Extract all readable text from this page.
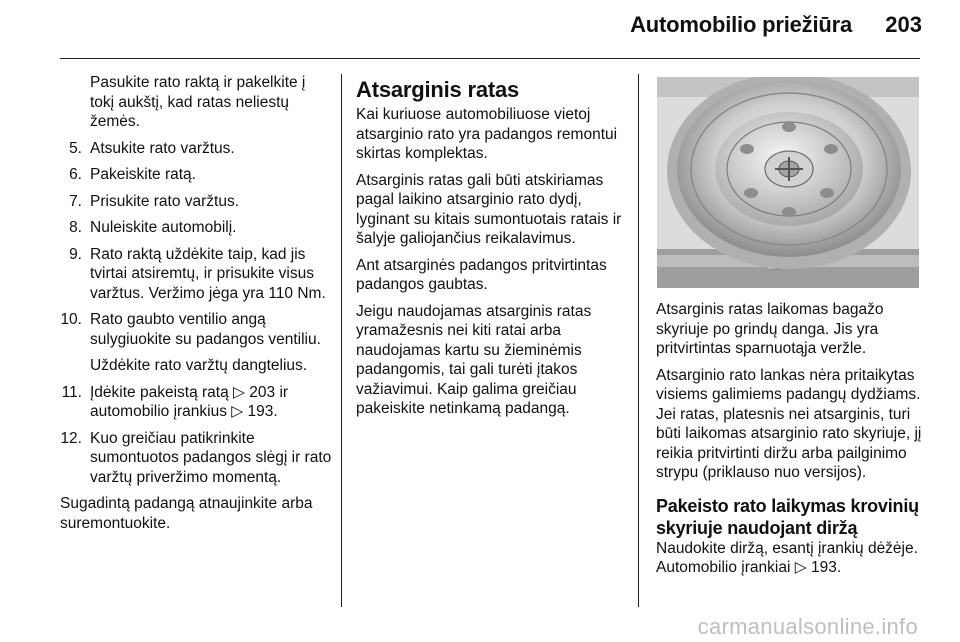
Automobilio priežiūra 203

Pasukite rato raktą ir pakelkite į tokį aukštį, kad ratas neliestų žemės.

5. Atsukite rato varžtus.
6. Pakeiskite ratą.
7. Prisukite rato varžtus.
8. Nuleiskite automobilį.
9. Rato raktą uždėkite taip, kad jis tvirtai atsiremtų, ir prisukite visus varžtus. Veržimo jėga yra 110 Nm.
10. Rato gaubto ventilio angą sulygiuokite su padangos ventiliu.
Uždėkite rato varžtų dangtelius.
11. Įdėkite pakeistą ratą ▷ 203 ir automobilio įrankius ▷ 193.
12. Kuo greičiau patikrinkite sumontuotos padangos slėgį ir rato varžtų priveržimo momentą.

Sugadintą padangą atnaujinkite arba suremontuokite.

Atsarginis ratas

Kai kuriuose automobiliuose vietoj atsarginio rato yra padangos remontui skirtas komplektas.

Atsarginis ratas gali būti atskiriamas pagal laikino atsarginio rato dydį, lyginant su kitais sumontuotais ratais ir šalyje galiojančius reikalavimus.

Ant atsarginės padangos pritvirtintas padangos gaubtas.

Jeigu naudojamas atsarginis ratas yramažesnis nei kiti ratai arba naudojamas kartu su žieminėmis padangomis, tai gali turėti įtakos važiavimui. Kaip galima greičiau pakeiskite netinkamą padangą.

Atsarginis ratas laikomas bagažo skyriuje po grindų danga. Jis yra pritvirtintas sparnuotąja veržle.

Atsarginio rato lankas nėra pritaikytas visiems galimiems padangų dydžiams. Jei ratas, platesnis nei atsarginis, turi būti laikomas atsarginio rato skyriuje, jį reikia pritvirtinti diržu arba pailginimo strypu (priklauso nuo versijos).

Pakeisto rato laikymas krovinių skyriuje naudojant diržą

Naudokite diržą, esantį įrankių dėžėje. Automobilio įrankiai ▷ 193.

carmanualsonline.info
